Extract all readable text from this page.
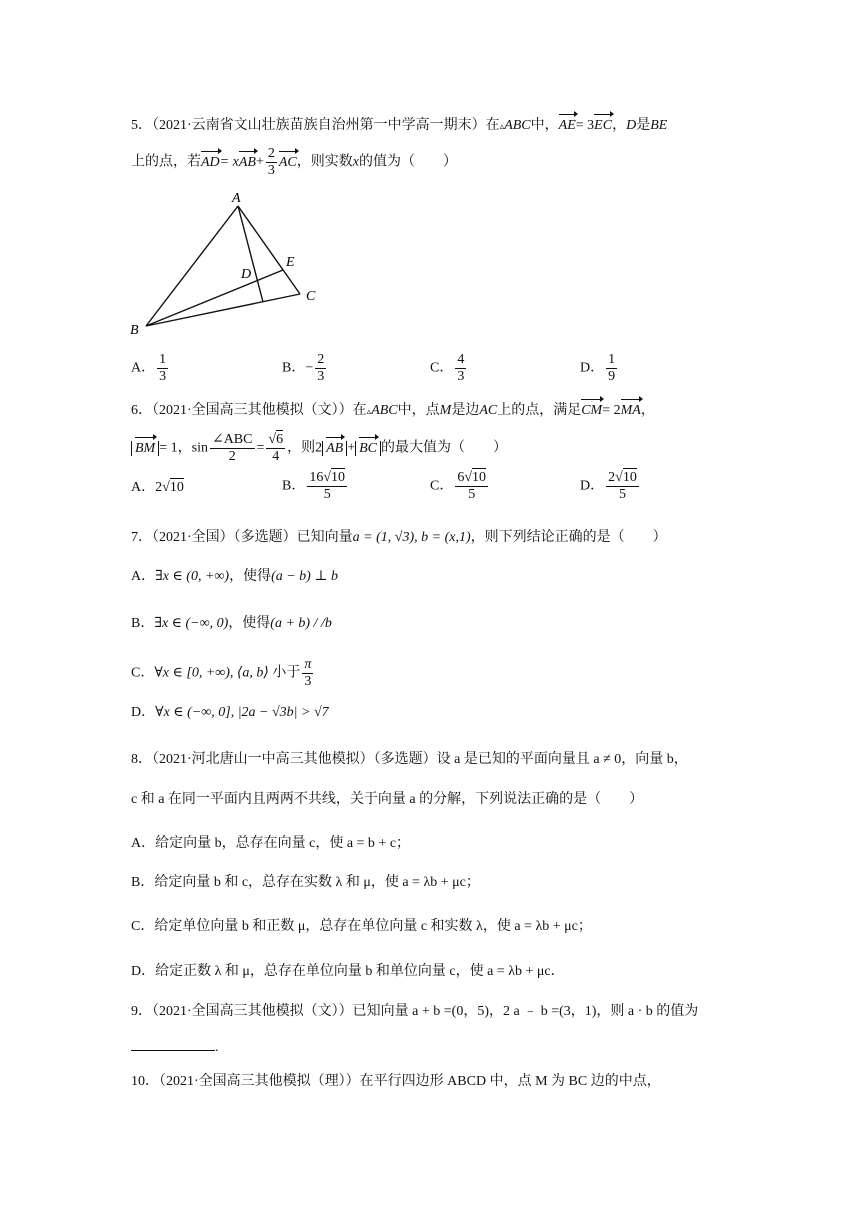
5．（2021·云南省文山壮族苗族自治州第一中学高一期末）在▵ABC中，AE= 3EC，D是BE
上的点，若$AD= xAB+ \frac{2}{3}$ AC，则实数x的值为（　　）
A
B
C
D
E
A． $\frac{1}{3}$	B．− $\frac{2}{3}$	C． $\frac{4}{3}$	D． $\frac{1}{9}$
6．（2021·全国高三其他模拟（文））在▵ABC中，点M是边AC上的点，满足CM= 2MA，
BM = 1，$\sin \frac{\text{∠ABC}}{2} = \frac{√6}{4}$ ，则2 AB + BC 的最大值为（　　）
A．2√10	B． $\frac{16√10}{5}$	C． $\frac{6√10}{5}$	D． $\frac{2√10}{5}$
7．（2021·全国）（多选题）已知向量a = (1, √3), b = (x,1)，则下列结论正确的是（　　）
A．∃x ∈ (0, +∞)，使得(a − b) ⊥ b
B．∃x ∈ (−∞, 0)，使得(a + b) / /b
C．∀x ∈ [0, +∞), ⟨a, b⟩ 小于 $\frac{\pi}{3}$
D．∀x ∈ (−∞, 0], |2a − √3b| > √7
8．（2021·河北唐山一中高三其他模拟）（多选题）设 a 是已知的平面向量且 a ≠ 0，向量 b，
c 和 a 在同一平面内且两两不共线，关于向量 a 的分解，下列说法正确的是（　　）
A．给定向量 b，总存在向量 c，使 a = b + c；
B．给定向量 b 和 c，总存在实数 λ 和 μ，使 a = λb + μc；
C．给定单位向量 b 和正数 μ，总存在单位向量 c 和实数 λ，使 a = λb + μc；
D．给定正数 λ 和 μ，总存在单位向量 b 和单位向量 c，使 a = λb + μc．
9．（2021·全国高三其他模拟（文））已知向量 a + b =(0，5)，2 a ﹣ b =(3，1)，则 a · b 的值为
.
10．（2021·全国高三其他模拟（理））在平行四边形 ABCD 中，点 M 为 BC 边的中点，
